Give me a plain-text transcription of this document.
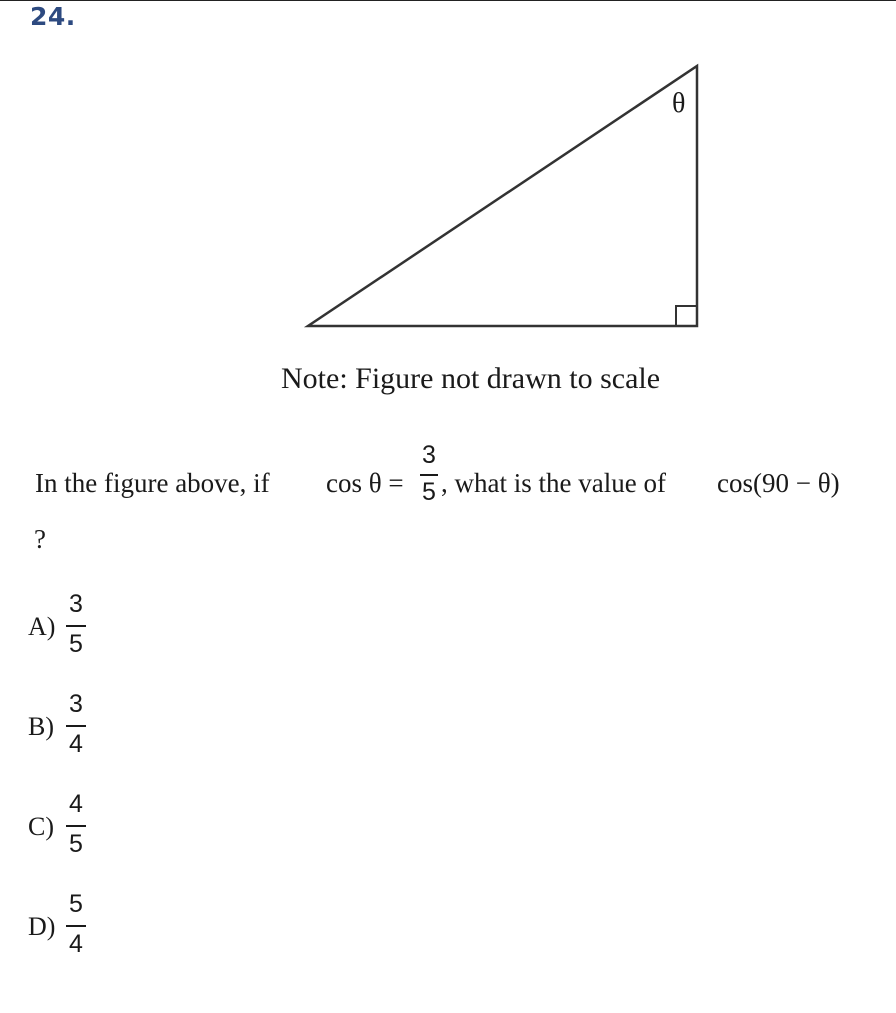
24.
θ
Note: Figure not drawn to scale
In the figure above, if cos θ =
3
5 , what is the value of cos(90 − θ)
?
A)
3
5
B)
3
4
C)
4
5
D)
5
4
